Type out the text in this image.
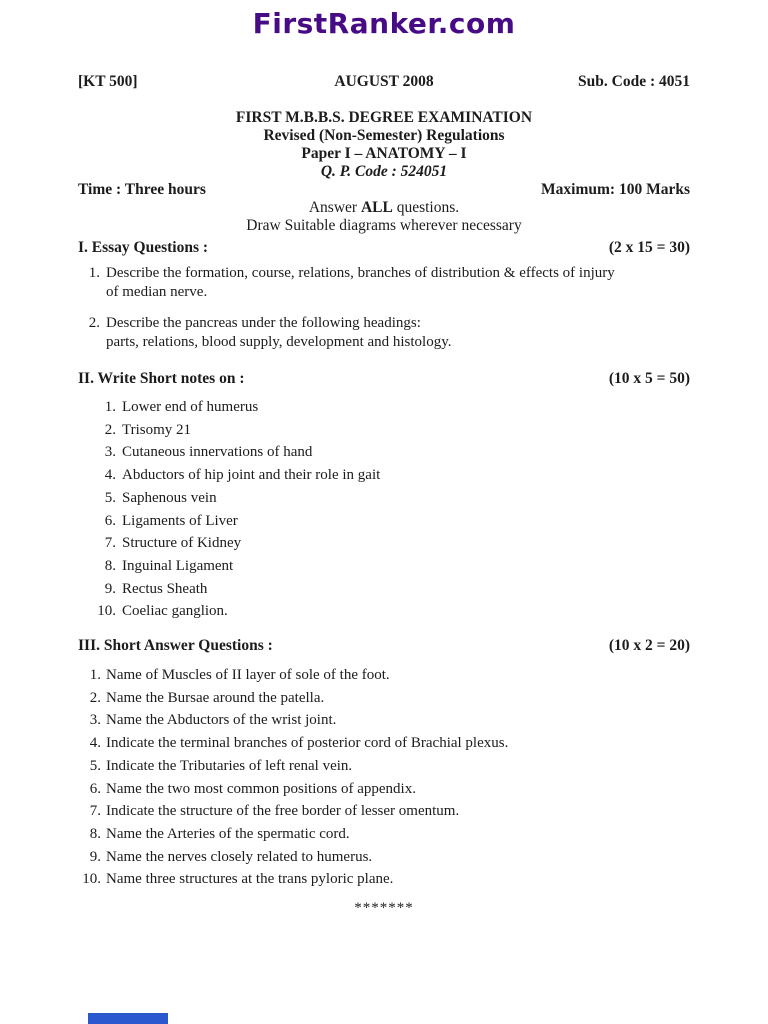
FirstRanker.com
[KT 500]	AUGUST 2008	Sub. Code : 4051
FIRST M.B.B.S. DEGREE EXAMINATION
Revised (Non-Semester) Regulations
Paper I – ANATOMY – I
Q. P. Code : 524051
Time : Three hours	Maximum: 100 Marks
Answer ALL questions.
Draw Suitable diagrams wherever necessary
I. Essay Questions :	(2 x 15 = 30)
1. Describe the formation, course, relations, branches of distribution & effects of injury
of median nerve.
2. Describe the pancreas under the following headings:
parts, relations, blood supply, development and histology.
II. Write Short notes on :	(10 x 5 = 50)
1. Lower end of humerus
2. Trisomy 21
3. Cutaneous innervations of hand
4. Abductors of hip joint and their role in gait
5. Saphenous vein
6. Ligaments of Liver
7. Structure of Kidney
8. Inguinal Ligament
9. Rectus Sheath
10. Coeliac ganglion.
III. Short Answer Questions :	(10 x 2 = 20)
1. Name of Muscles of II layer of sole of the foot.
2. Name the Bursae around the patella.
3. Name the Abductors of the wrist joint.
4. Indicate the terminal branches of posterior cord of Brachial plexus.
5. Indicate the Tributaries of left renal vein.
6. Name the two most common positions of appendix.
7. Indicate the structure of the free border of lesser omentum.
8. Name the Arteries of the spermatic cord.
9. Name the nerves closely related to humerus.
10. Name three structures at the trans pyloric plane.
*******
